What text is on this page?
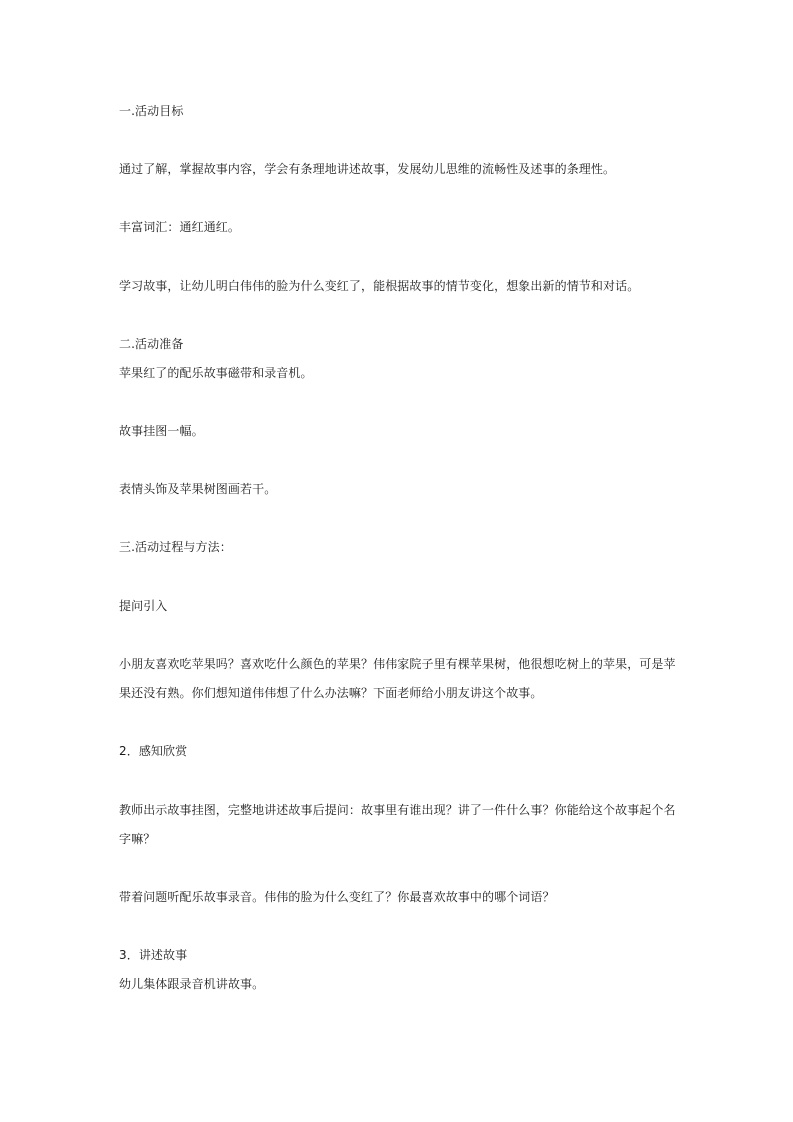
一.活动目标
通过了解，掌握故事内容，学会有条理地讲述故事，发展幼儿思维的流畅性及述事的条理性。
丰富词汇：通红通红。
学习故事，让幼儿明白伟伟的脸为什么变红了，能根据故事的情节变化，想象出新的情节和对话。
二.活动准备
苹果红了的配乐故事磁带和录音机。
故事挂图一幅。
表情头饰及苹果树图画若干。
三.活动过程与方法：
提问引入
小朋友喜欢吃苹果吗？喜欢吃什么颜色的苹果？伟伟家院子里有棵苹果树，他很想吃树上的苹果，可是苹
果还没有熟。你们想知道伟伟想了什么办法嘛？下面老师给小朋友讲这个故事。
2．感知欣赏
教师出示故事挂图，完整地讲述故事后提问：故事里有谁出现？讲了一件什么事？你能给这个故事起个名
字嘛？
带着问题听配乐故事录音。伟伟的脸为什么变红了？你最喜欢故事中的哪个词语？
3．讲述故事
幼儿集体跟录音机讲故事。
